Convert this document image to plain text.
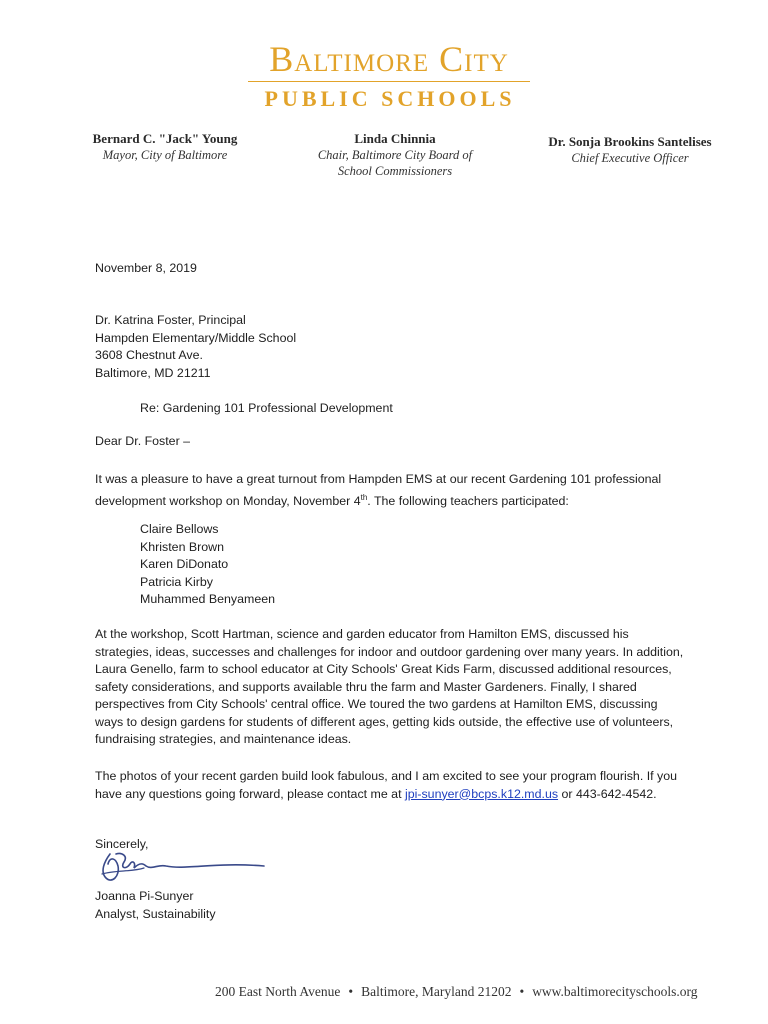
Baltimore City
PUBLIC SCHOOLS
Bernard C. "Jack" Young
Mayor, City of Baltimore
Linda Chinnia
Chair, Baltimore City Board of
School Commissioners
Dr. Sonja Brookins Santelises
Chief Executive Officer
November 8, 2019
Dr. Katrina Foster, Principal
Hampden Elementary/Middle School
3608 Chestnut Ave.
Baltimore, MD 21211
Re: Gardening 101 Professional Development
Dear Dr. Foster –
It was a pleasure to have a great turnout from Hampden EMS at our recent Gardening 101 professional development workshop on Monday, November 4th. The following teachers participated:
Claire Bellows
Khristen Brown
Karen DiDonato
Patricia Kirby
Muhammed Benyameen
At the workshop, Scott Hartman, science and garden educator from Hamilton EMS, discussed his strategies, ideas, successes and challenges for indoor and outdoor gardening over many years. In addition, Laura Genello, farm to school educator at City Schools' Great Kids Farm, discussed additional resources, safety considerations, and supports available thru the farm and Master Gardeners. Finally, I shared perspectives from City Schools' central office. We toured the two gardens at Hamilton EMS, discussing ways to design gardens for students of different ages, getting kids outside, the effective use of volunteers, fundraising strategies, and maintenance ideas.
The photos of your recent garden build look fabulous, and I am excited to see your program flourish. If you have any questions going forward, please contact me at jpi-sunyer@bcps.k12.md.us or 443-642-4542.
Sincerely,
Joanna Pi-Sunyer
Analyst, Sustainability
200 East North Avenue • Baltimore, Maryland 21202 • www.baltimorecityschools.org
